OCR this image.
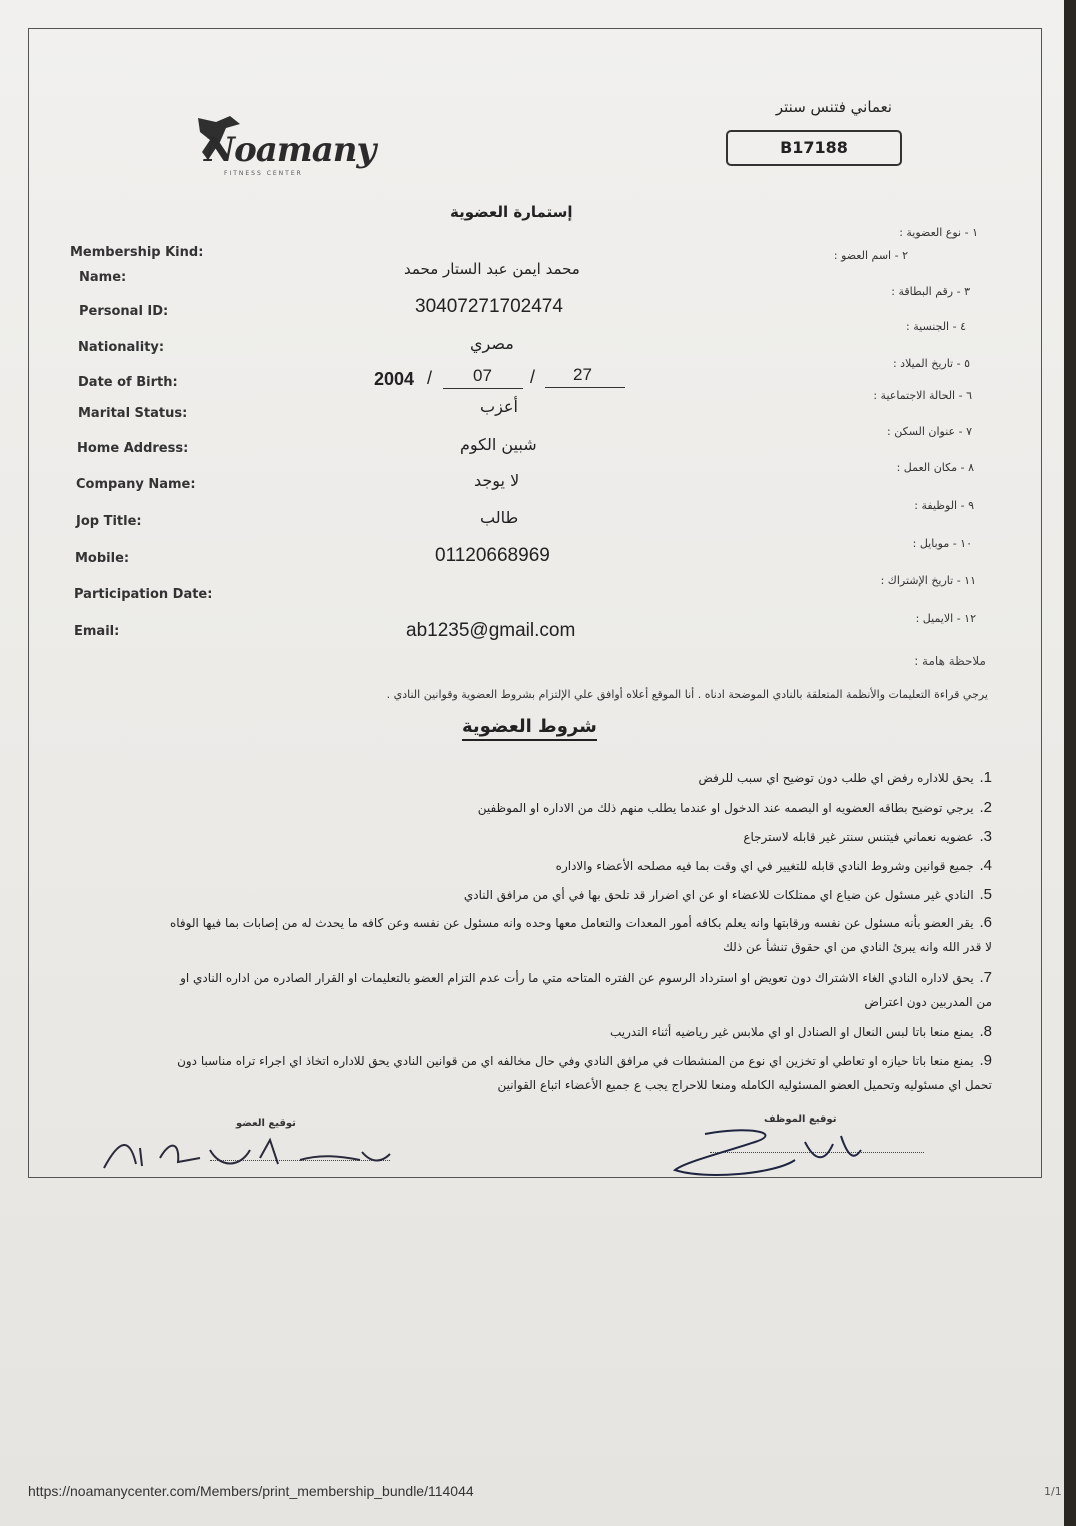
Noamany
FITNESS CENTER
نعماني فتنس سنتر
B17188
إستمارة العضوية
Membership Kind:
Name:
Personal ID:
Nationality:
Date of Birth:
Marital Status:
Home Address:
Company Name:
Jop Title:
Mobile:
Participation Date:
Email:
١ - نوع العضوية :
٢ - اسم العضو :
٣ - رقم البطاقة :
٤ - الجنسية :
٥ - تاريخ الميلاد :
٦ - الحالة الاجتماعية :
٧ - عنوان السكن :
٨ - مكان العمل :
٩ - الوظيفة :
١٠ - موبايل :
١١ - تاريخ الإشتراك :
١٢ - الايميل :
محمد ايمن عبد الستار محمد
30407271702474
مصري
2004 / 07 / 27
أعزب
شبين الكوم
لا يوجد
طالب
01120668969
ab1235@gmail.com
ملاحظة هامة :
يرجي قراءة التعليمات والأنظمة المتعلقة بالنادي الموضحة ادناه . أنا الموقع أعلاه أوافق علي الإلتزام بشروط العضوية وقوانين النادي .
شروط العضوية
1. يحق للاداره رفض اي طلب دون توضيح اي سبب للرفض
2. يرجي توضيح بطاقه العضويه او البصمه عند الدخول او عندما يطلب منهم ذلك من الاداره او الموظفين
3. عضويه نعماني فيتنس سنتر غير قابله لاسترجاع
4. جميع قوانين وشروط النادي قابله للتغيير في اي وقت بما فيه مصلحه الأعضاء والاداره
5. النادي غير مسئول عن ضياع اي ممتلكات للاعضاء او عن اي اضرار قد تلحق بها في أي من مرافق النادي
6. يقر العضو بأنه مسئول عن نفسه ورقابتها وانه يعلم بكافه أمور المعدات والتعامل معها وحده وانه مسئول عن نفسه وعن كافه ما يحدث له من إصابات بما فيها الوفاه
لا قدر الله وانه يبرئ النادي من اي حقوق تنشأ عن ذلك
7. يحق لاداره النادي الغاء الاشتراك دون تعويض او استرداد الرسوم عن الفتره المتاحه متي ما رأت عدم التزام العضو بالتعليمات او القرار الصادره من اداره النادي او
من المدربين دون اعتراض
8. يمنع منعا باتا لبس النعال او الصنادل او اي ملابس غير رياضيه أثناء التدريب
9. يمنع منعا باتا حيازه او تعاطي او تخزين اي نوع من المنشطات في مرافق النادي وفي حال مخالفه اي من قوانين النادي يحق للاداره اتخاذ اي اجراء تراه مناسبا دون
تحمل اي مسئوليه وتحميل العضو المسئوليه الكامله ومنعا للاحراج يجب ع جميع الأعضاء اتباع القوانين
توقيع العضو	توقيع الموظف
https://noamanycenter.com/Members/print_membership_bundle/114044	1/1
